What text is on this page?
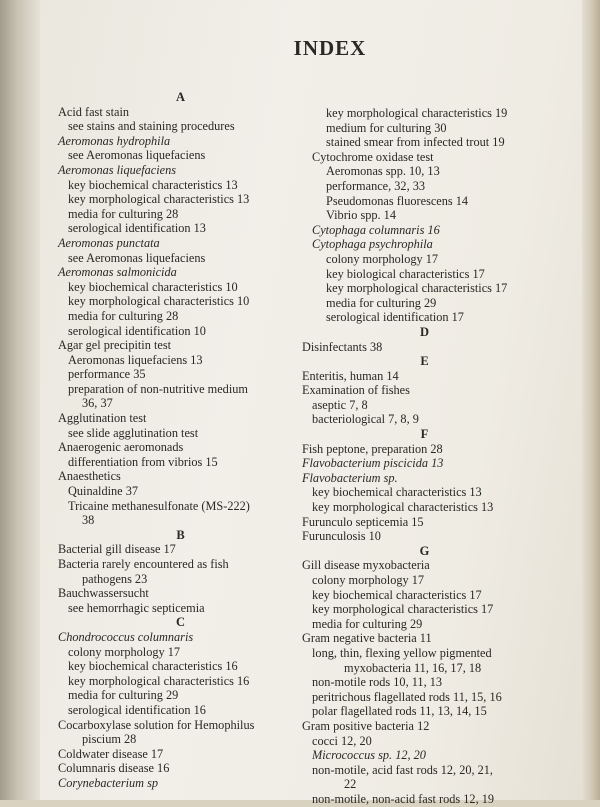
INDEX
A
Acid fast stain
see stains and staining procedures
Aeromonas hydrophila
see Aeromonas liquefaciens
Aeromonas liquefaciens
key biochemical characteristics 13
key morphological characteristics 13
media for culturing 28
serological identification 13
Aeromonas punctata
see Aeromonas liquefaciens
Aeromonas salmonicida
key biochemical characteristics 10
key morphological characteristics 10
media for culturing 28
serological identification 10
Agar gel precipitin test
Aeromonas liquefaciens 13
performance 35
preparation of non-nutritive medium
36, 37
Agglutination test
see slide agglutination test
Anaerogenic aeromonads
differentiation from vibrios 15
Anaesthetics
Quinaldine 37
Tricaine methanesulfonate (MS-222)
38
B
Bacterial gill disease 17
Bacteria rarely encountered as fish
pathogens 23
Bauchwassersucht
see hemorrhagic septicemia
C
Chondrococcus columnaris
colony morphology 17
key biochemical characteristics 16
key morphological characteristics 16
media for culturing 29
serological identification 16
Cocarboxylase solution for Hemophilus
piscium 28
Coldwater disease 17
Columnaris disease 16
Corynebacterium sp
key morphological characteristics 19
medium for culturing 30
stained smear from infected trout 19
Cytochrome oxidase test
Aeromonas spp. 10, 13
performance, 32, 33
Pseudomonas fluorescens 14
Vibrio spp. 14
Cytophaga columnaris 16
Cytophaga psychrophila
colony morphology 17
key biological characteristics 17
key morphological characteristics 17
media for culturing 29
serological identification 17
D
Disinfectants 38
E
Enteritis, human 14
Examination of fishes
aseptic 7, 8
bacteriological 7, 8, 9
F
Fish peptone, preparation 28
Flavobacterium piscicida 13
Flavobacterium sp.
key biochemical characteristics 13
key morphological characteristics 13
Furunculo septicemia 15
Furunculosis 10
G
Gill disease myxobacteria
colony morphology 17
key biochemical characteristics 17
key morphological characteristics 17
media for culturing 29
Gram negative bacteria 11
long, thin, flexing yellow pigmented
myxobacteria 11, 16, 17, 18
non-motile rods 10, 11, 13
peritrichous flagellated rods 11, 15, 16
polar flagellated rods 11, 13, 14, 15
Gram positive bacteria 12
cocci 12, 20
Micrococcus sp. 12, 20
non-motile, acid fast rods 12, 20, 21,
22
non-motile, non-acid fast rods 12, 19
